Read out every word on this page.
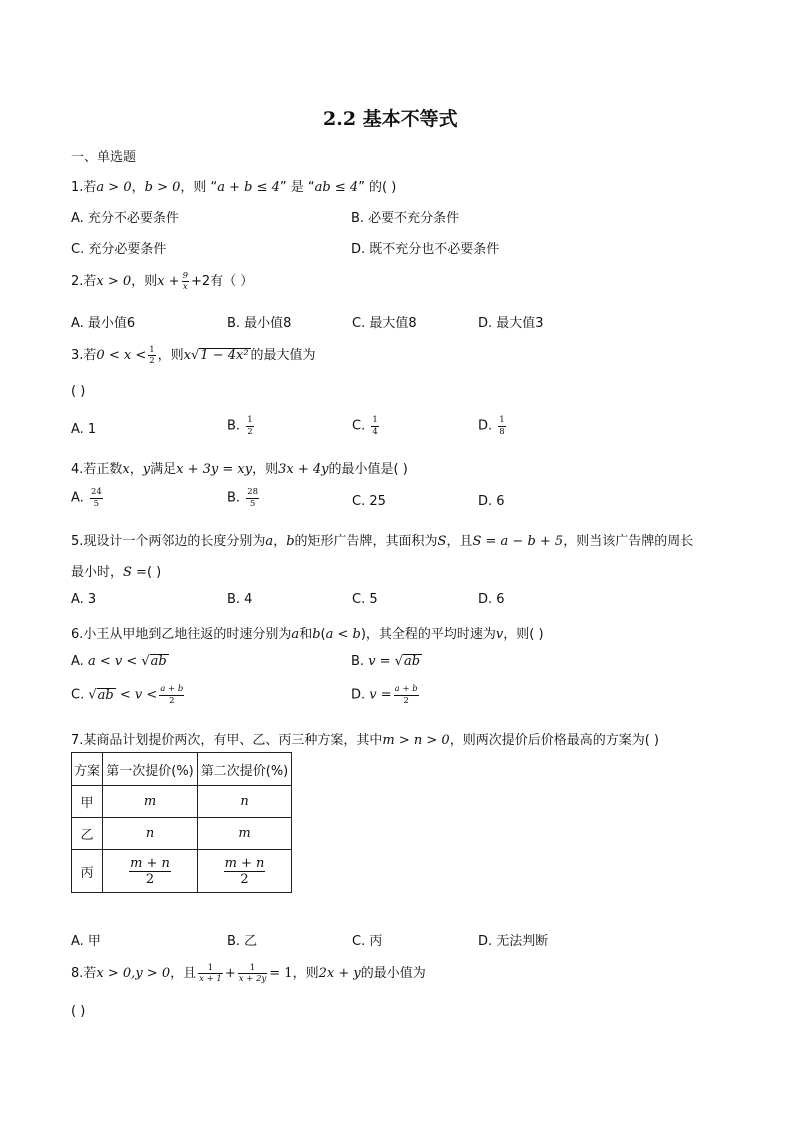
2.2 基本不等式
一、单选题
1.若a > 0，b > 0，则 “a + b ≤ 4” 是 “ab ≤ 4” 的( )
A. 充分不必要条件	B. 必要不充分条件
C. 充分必要条件	D. 既不充分也不必要条件
2.若x > 0，则$x + \frac{9}{x} +2$有（ ）
A. 最小值6	B. 最小值8	C. 最大值8	D. 最大值3
3.若$0 < x < \frac{1}{2}$ ，则x√1 − 4x² 的最大值为
( )
A. 1	B. $\frac{1}{2}$	C. $\frac{1}{4}$	D. $\frac{1}{8}$
4.若正数x，y满足x + 3y = xy，则3x + 4y的最小值是( )
A. $\frac{24}{5}$	B. $\frac{28}{5}$	C. 25	D. 6
5.现设计一个两邻边的长度分别为a，b的矩形广告牌，其面积为S，且S = a − b + 5，则当该广告牌的周长
最小时，S =( )
A. 3	B. 4	C. 5	D. 6
6.小王从甲地到乙地往返的时速分别为a和b(a < b)，其全程的平均时速为v，则( )
A. a < v < √ab	B. v = √ab
C. $√ab < v < \frac{a + b}{2}$	D. $v = \frac{a + b}{2}$
7.某商品计划提价两次，有甲、乙、丙三种方案，其中m > n > 0，则两次提价后价格最高的方案为( )
方案	第一次提价(%)	第二次提价(%)
甲	m	n
乙	n	m
丙	$\frac{m + n}{2}$	$\frac{m + n}{2}$
A. 甲	B. 乙	C. 丙	D. 无法判断
8.若x > 0,y > 0，且 $\frac{1}{x + 1} + \frac{1}{x + 2y} = 1$，则2x + y的最小值为
( )
